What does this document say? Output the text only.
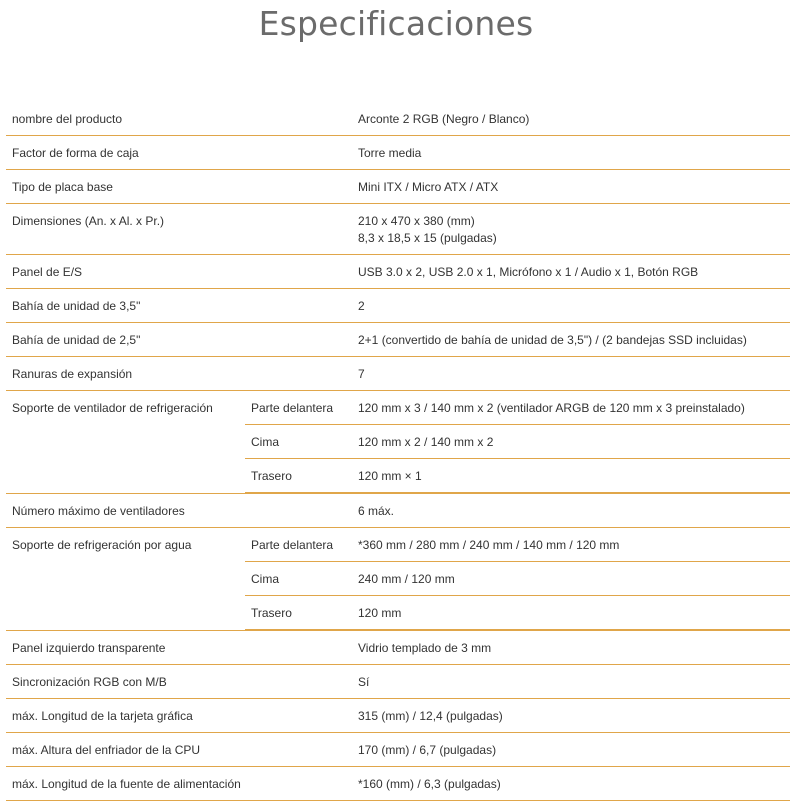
Especificaciones
nombre del producto	Arconte 2 RGB (Negro / Blanco)
Factor de forma de caja	Torre media
Tipo de placa base	Mini ITX / Micro ATX / ATX
Dimensiones (An. x Al. x Pr.)	210 x 470 x 380 (mm)
8,3 x 18,5 x 15 (pulgadas)
Panel de E/S	USB 3.0 x 2, USB 2.0 x 1, Micrófono x 1 / Audio x 1, Botón RGB
Bahía de unidad de 3,5"	2
Bahía de unidad de 2,5"	2+1 (convertido de bahía de unidad de 3,5") / (2 bandejas SSD incluidas)
Ranuras de expansión	7
Soporte de ventilador de refrigeración	Parte delantera	120 mm x 3 / 140 mm x 2 (ventilador ARGB de 120 mm x 3 preinstalado)
Cima	120 mm x 2 / 140 mm x 2
Trasero	120 mm × 1
Número máximo de ventiladores	6 máx.
Soporte de refrigeración por agua	Parte delantera	*360 mm / 280 mm / 240 mm / 140 mm / 120 mm
Cima	240 mm / 120 mm
Trasero	120 mm
Panel izquierdo transparente	Vidrio templado de 3 mm
Sincronización RGB con M/B	Sí
máx. Longitud de la tarjeta gráfica	315 (mm) / 12,4 (pulgadas)
máx. Altura del enfriador de la CPU	170 (mm) / 6,7 (pulgadas)
máx. Longitud de la fuente de alimentación	*160 (mm) / 6,3 (pulgadas)
